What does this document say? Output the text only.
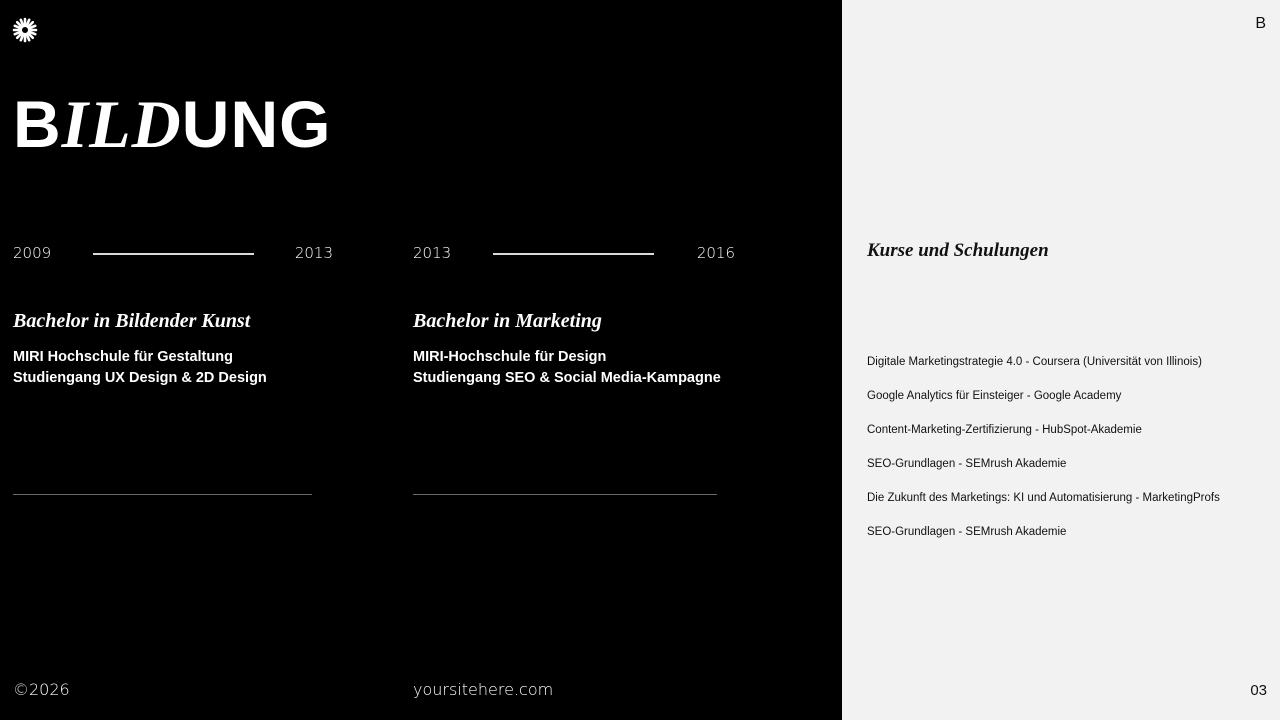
BILDUNG
2009	2013
Bachelor in Bildender Kunst
MIRI Hochschule für Gestaltung
Studiengang UX Design & 2D Design
2013	2016
Bachelor in Marketing
MIRI-Hochschule für Design
Studiengang SEO & Social Media-Kampagne
©2026	yoursitehere.com
B
Kurse und Schulungen
Digitale Marketingstrategie 4.0 - Coursera (Universität von Illinois)
Google Analytics für Einsteiger - Google Academy
Content-Marketing-Zertifizierung - HubSpot-Akademie
SEO-Grundlagen - SEMrush Akademie
Die Zukunft des Marketings: KI und Automatisierung - MarketingProfs
SEO-Grundlagen - SEMrush Akademie
03
